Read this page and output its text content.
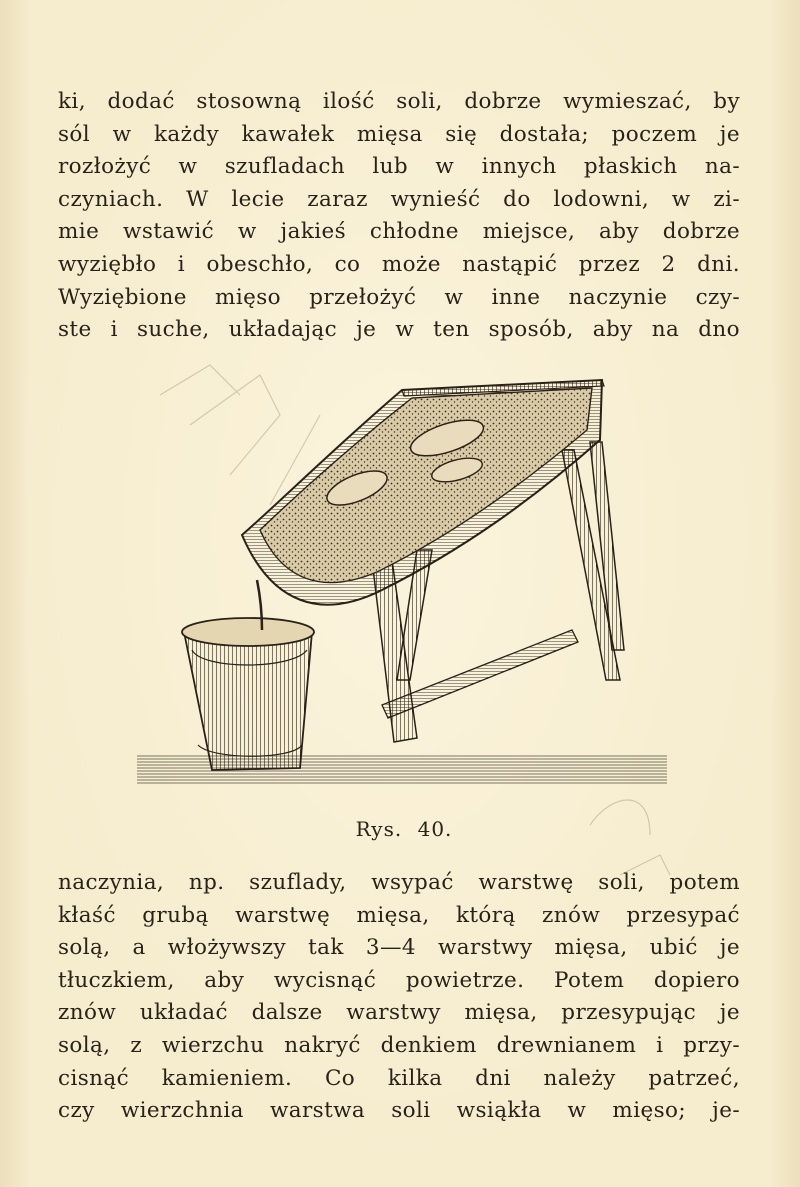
ki, dodać stosowną ilość soli, dobrze wymieszać, by
sól w każdy kawałek mięsa się dostała; poczem je
rozłożyć w szufladach lub w innych płaskich na-
czyniach. W lecie zaraz wynieść do lodowni, w zi-
mie wstawić w jakieś chłodne miejsce, aby dobrze
wyziębło i obeschło, co może nastąpić przez 2 dni.
Wyziębione mięso przełożyć w inne naczynie czy-
ste i suche, układając je w ten sposób, aby na dno
Rys. 40.
naczynia, np. szuflady, wsypać warstwę soli, potem
kłaść grubą warstwę mięsa, którą znów przesypać
solą, a włożywszy tak 3—4 warstwy mięsa, ubić je
tłuczkiem, aby wycisnąć powietrze. Potem dopiero
znów układać dalsze warstwy mięsa, przesypując je
solą, z wierzchu nakryć denkiem drewnianem i przy-
cisnąć kamieniem. Co kilka dni należy patrzeć,
czy wierzchnia warstwa soli wsiąkła w mięso; je-
